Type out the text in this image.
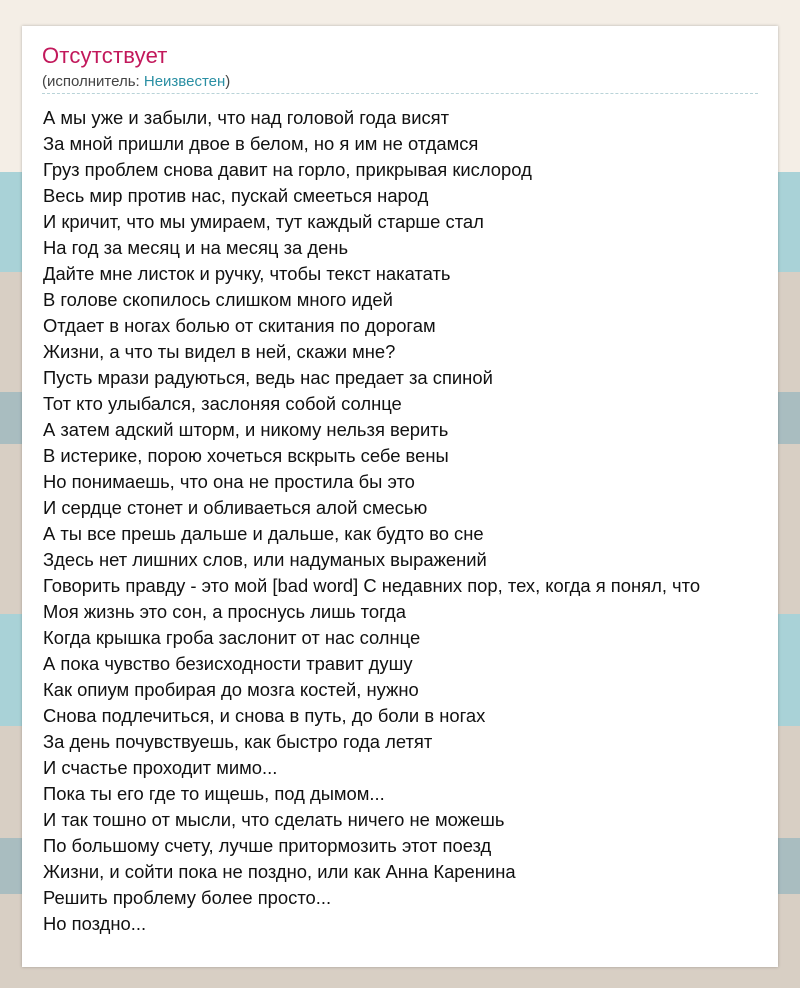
Отсутствует
(исполнитель: Неизвестен)
А мы уже и забыли, что над головой года висят
За мной пришли двое в белом, но я им не отдамся
Груз проблем снова давит на горло, прикрывая кислород
Весь мир против нас, пускай смееться народ
И кричит, что мы умираем, тут каждый старше стал
На год за месяц и на месяц за день
Дайте мне листок и ручку, чтобы текст накатать
В голове скопилось слишком много идей
Отдает в ногах болью от скитания по дорогам
Жизни, а что ты видел в ней, скажи мне?
Пусть мрази радуються, ведь нас предает за спиной
Тот кто улыбался, заслоняя собой солнце
А затем адский шторм, и никому нельзя верить
В истерике, порою хочеться вскрыть себе вены
Но понимаешь, что она не простила бы это
И сердце стонет и обливаеться алой смесью
А ты все прешь дальше и дальше, как будто во сне
Здесь нет лишних слов, или надуманых выражений
Говорить правду - это мой [bad word] С недавних пор, тех, когда я понял, что
Моя жизнь это сон, а проснусь лишь тогда
Когда крышка гроба заслонит от нас солнце
А пока чувство безисходности травит душу
Как опиум пробирая до мозга костей, нужно
Снова подлечиться, и снова в путь, до боли в ногах
За день почувствуешь, как быстро года летят
И счастье проходит мимо...
Пока ты его где то ищешь, под дымом...
И так тошно от мысли, что сделать ничего не можешь
По большому счету, лучше притормозить этот поезд
Жизни, и сойти пока не поздно, или как Анна Каренина
Решить проблему более просто...
Но поздно...
